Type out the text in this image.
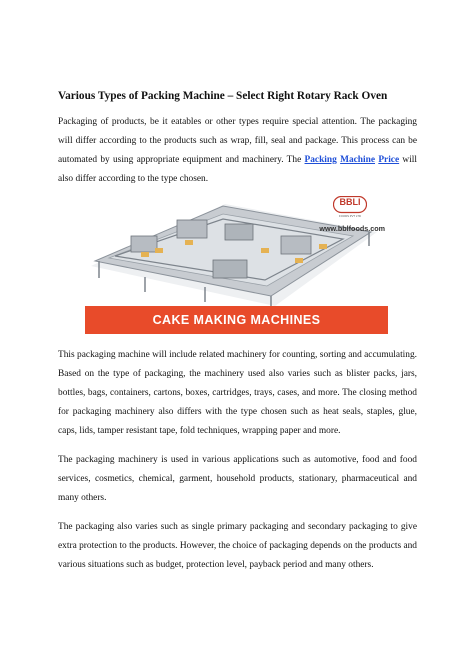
Various Types of Packing Machine – Select Right Rotary Rack Oven

Packaging of products, be it eatables or other types require special attention. The packaging will differ according to the products such as wrap, fill, seal and package. This process can be automated by using appropriate equipment and machinery. The Packing Machine Price will also differ according to the type chosen.

BBLI
FOODS PVT LTD
www.bblfoods.com
CAKE MAKING MACHINES

This packaging machine will include related machinery for counting, sorting and accumulating. Based on the type of packaging, the machinery used also varies such as blister packs, jars, bottles, bags, containers, cartons, boxes, cartridges, trays, cases, and more. The closing method for packaging machinery also differs with the type chosen such as heat seals, staples, glue, caps, lids, tamper resistant tape, fold techniques, wrapping paper and more.

The packaging machinery is used in various applications such as automotive, food and food services, cosmetics, chemical, garment, household products, stationary, pharmaceutical and many others.

The packaging also varies such as single primary packaging and secondary packaging to give extra protection to the products. However, the choice of packaging depends on the products and various situations such as budget, protection level, payback period and many others.
